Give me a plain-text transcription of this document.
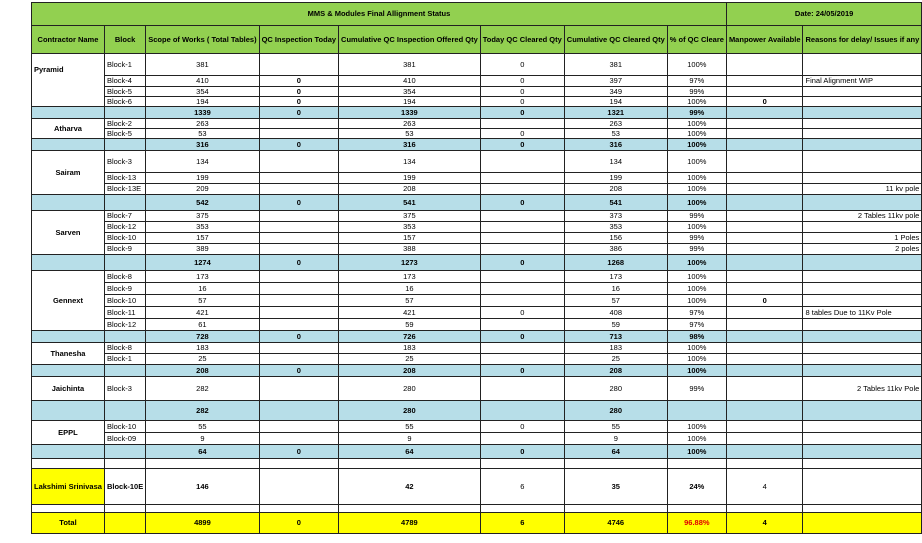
MMS & Modules Final Allignment Status								Date: 24/05/2019	
Contractor Name	Block	Scope of Works ( Total Tables)	QC Inspection Today	Cumulative QC Inspection Offered Qty	Today QC Cleared Qty	Cumulative QC Cleared Qty	% of QC Cleare	Manpower Available	Reasons for delay/ Issues if any
Pyramid	Block-1	381		381	0	381	100%		
	Block-4	410	0	410	0	397	97%		Final Alignment WIP
	Block-5	354	0	354	0	349	99%		
	Block-6	194	0	194	0	194	100%	0	
		1339	0	1339	0	1321	99%		
Atharva	Block-2	263		263		263	100%		
	Block-5	53		53	0	53	100%		
		316	0	316	0	316	100%		
Sairam	Block-3	134		134		134	100%		
	Block-13	199		199		199	100%		
	Block-13E	209		208		208	100%		11 kv pole
		542	0	541	0	541	100%		
Sarven	Block-7	375		375		373	99%		2 Tables 11kv pole
	Block-12	353		353		353	100%		
	Block-10	157		157		156	99%		1 Poles
	Block-9	389		388		386	99%		2 poles
		1274	0	1273	0	1268	100%		
Gennext	Block-8	173		173		173	100%		
	Block-9	16		16		16	100%		
	Block-10	57		57		57	100%	0	
	Block-11	421		421	0	408	97%		8 tables Due to 11Kv Pole
	Block-12	61		59		59	97%		
		728	0	726	0	713	98%		
Thanesha	Block-8	183		183		183	100%		
	Block-1	25		25		25	100%		
		208	0	208	0	208	100%		
Jaichinta	Block-3	282		280		280	99%		2 Tables 11kv Pole
		282		280		280			
EPPL	Block-10	55		55	0	55	100%		
	Block-09	9		9		9	100%		
		64	0	64	0	64	100%		

Lakshimi Srinivasa	Block-10E	146		42	6	35	24%	4	

Total		4899	0	4789	6	4746	96.88%	4	
